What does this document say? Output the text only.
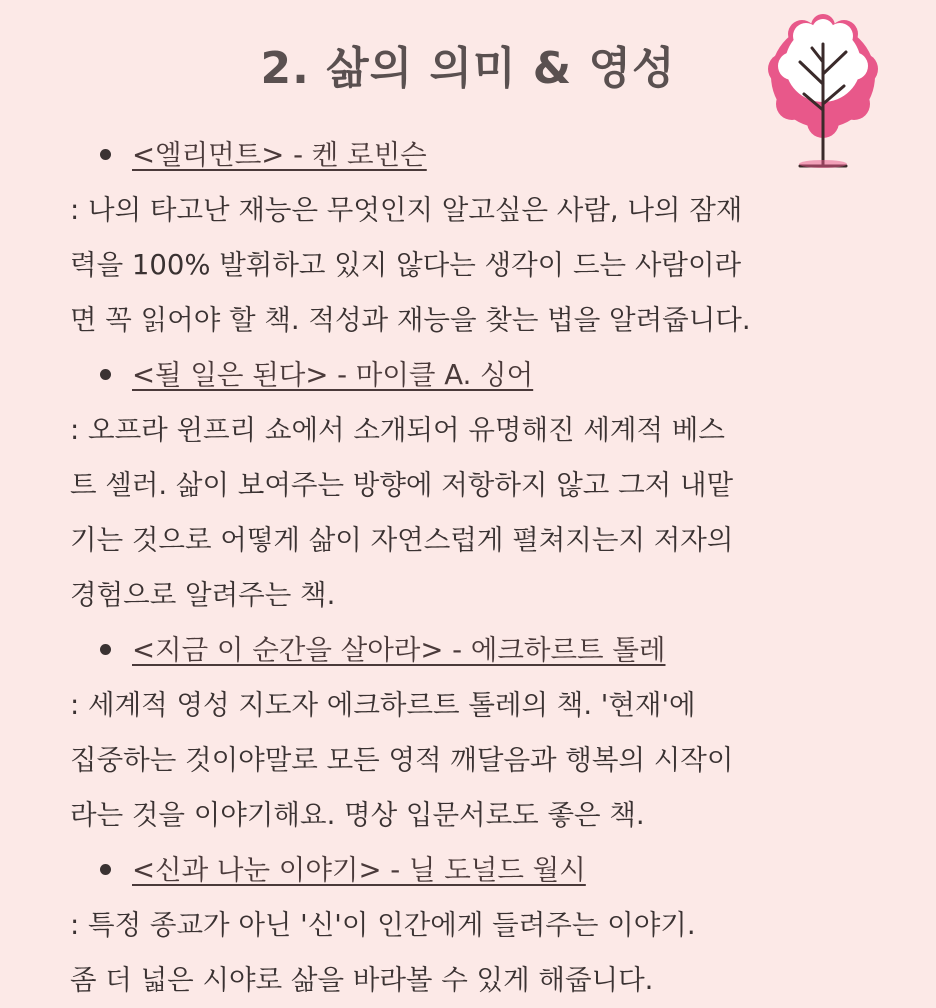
2. 삶의 의미 & 영성
<엘리먼트> - 켄 로빈슨
: 나의 타고난 재능은 무엇인지 알고싶은 사람, 나의 잠재
력을 100% 발휘하고 있지 않다는 생각이 드는 사람이라
면 꼭 읽어야 할 책. 적성과 재능을 찾는 법을 알려줍니다.
<될 일은 된다> - 마이클 A. 싱어
: 오프라 윈프리 쇼에서 소개되어 유명해진 세계적 베스
트 셀러. 삶이 보여주는 방향에 저항하지 않고 그저 내맡
기는 것으로 어떻게 삶이 자연스럽게 펼쳐지는지 저자의
경험으로 알려주는 책.
<지금 이 순간을 살아라> - 에크하르트 톨레
: 세계적 영성 지도자 에크하르트 톨레의 책. '현재'에
집중하는 것이야말로 모든 영적 깨달음과 행복의 시작이
라는 것을 이야기해요. 명상 입문서로도 좋은 책.
<신과 나눈 이야기> - 닐 도널드 월시
: 특정 종교가 아닌 '신'이 인간에게 들려주는 이야기.
좀 더 넓은 시야로 삶을 바라볼 수 있게 해줍니다.
